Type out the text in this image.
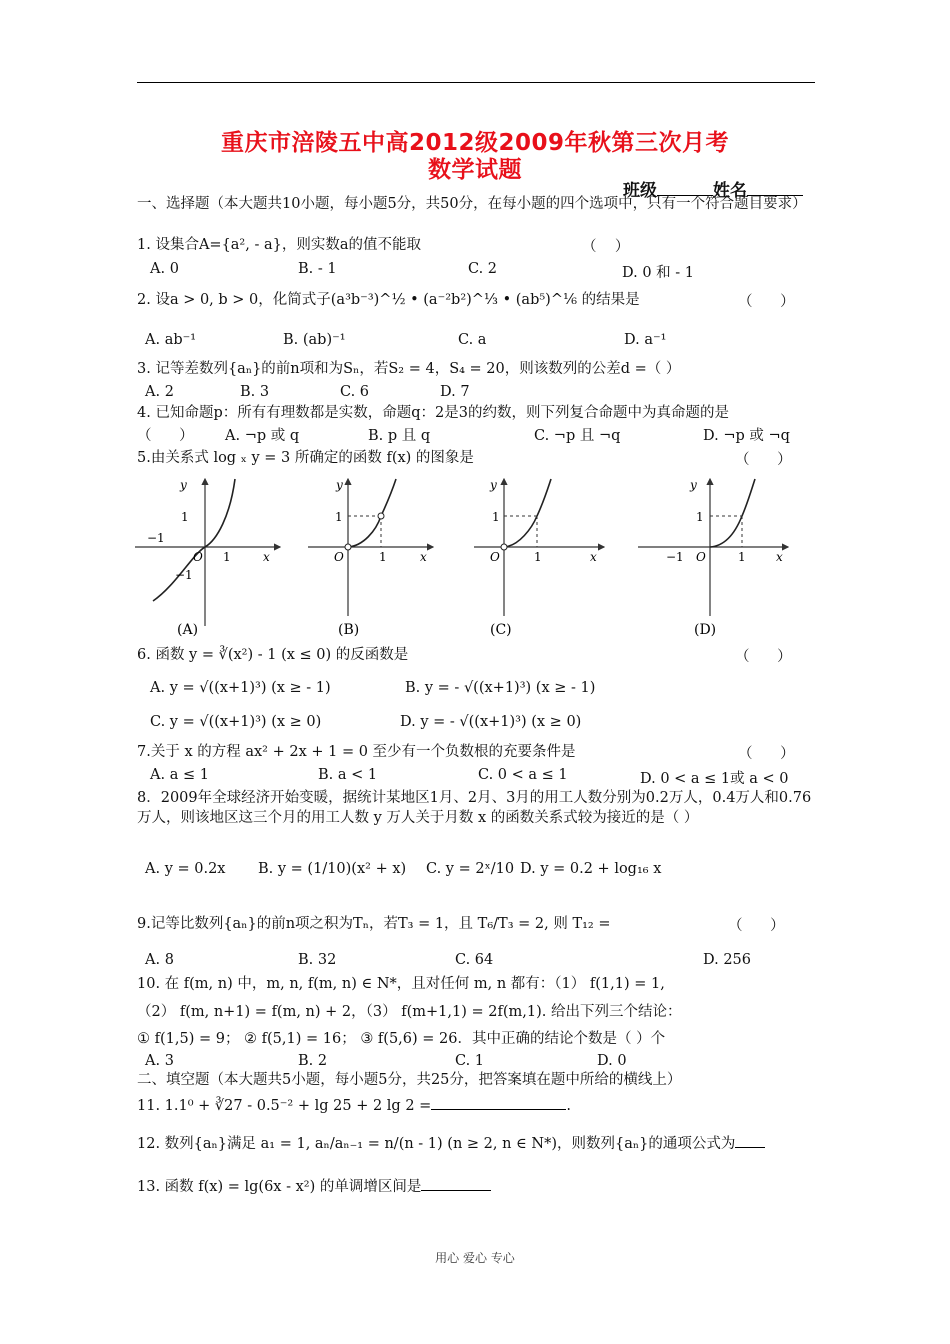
重庆市涪陵五中高2012级2009年秋第三次月考
数学试题
班级	姓名
一、选择题（本大题共10小题，每小题5分，共50分，在每小题的四个选项中，只有一个符合题目要求）
1. 设集合A={a², - a}，则实数a的值不能取	（    ）
A. 0	B. - 1	C. 2	D. 0 和 - 1
2. 设a > 0, b > 0，化简式子(a³b⁻³)^½ • (a⁻²b²)^⅓ • (ab⁵)^⅙ 的结果是	（      ）
A. ab⁻¹	B. (ab)⁻¹	C. a	D. a⁻¹
3. 记等差数列{aₙ}的前n项和为Sₙ，若S₂ = 4，S₄ = 20，则该数列的公差d =（ ）
A. 2	B. 3	C. 6	D. 7
4. 已知命题p：所有有理数都是实数，命题q：2是3的约数，则下列复合命题中为真命题的是
（      ） A. ¬p 或 q	B. p 且 q	C. ¬p 且 ¬q	D. ¬p 或 ¬q
5.由关系式 log ₓ y = 3 所确定的函数 f(x) 的图象是	（      ）
y
x
O 1
−1
1
−1
(A)
y
x
O	1
1
(B)
y
x
O	1
1
(C)
y
x
O	1
−1
1
(D)
6. 函数 y = ∛(x²) - 1 (x ≤ 0) 的反函数是	（      ）
A. y = √((x+1)³) (x ≥ - 1)	B. y = - √((x+1)³) (x ≥ - 1)
C. y = √((x+1)³) (x ≥ 0)	D. y = - √((x+1)³) (x ≥ 0)
7.关于 x 的方程 ax² + 2x + 1 = 0 至少有一个负数根的充要条件是	（      ）
A. a ≤ 1	B. a < 1	C. 0 < a ≤ 1	D. 0 < a ≤ 1或 a < 0
8．2009年全球经济开始变暖，据统计某地区1月、2月、3月的用工人数分别为0.2万人，0.4万人和0.76万人，则该地区这三个月的用工人数 y 万人关于月数 x 的函数关系式较为接近的是（ ）
A. y = 0.2x B. y = (1/10)(x² + x) C. y = 2ˣ/10 D. y = 0.2 + log₁₆ x
9.记等比数列{aₙ}的前n项之积为Tₙ，若T₃ = 1，且 T₆/T₃ = 2, 则 T₁₂ =	（      ）
A. 8	B. 32	C. 64	D. 256
10. 在 f(m, n) 中，m, n, f(m, n) ∈ N*，且对任何 m, n 都有：（1） f(1,1) = 1,
（2） f(m, n+1) = f(m, n) + 2，（3） f(m+1,1) = 2f(m,1). 给出下列三个结论：
① f(1,5) = 9； ② f(5,1) = 16； ③ f(5,6) = 26．其中正确的结论个数是（ ）个
A. 3	B. 2	C. 1	D. 0
二、填空题（本大题共5小题，每小题5分，共25分，把答案填在题中所给的横线上）
11. 1.1⁰ + ∛27 - 0.5⁻² + lg 25 + 2 lg 2 =	.
12. 数列{aₙ}满足 a₁ = 1, aₙ/aₙ₋₁ = n/(n - 1) (n ≥ 2, n ∈ N*)，则数列{aₙ}的通项公式为
13. 函数 f(x) = lg(6x - x²) 的单调增区间是
用心 爱心 专心
